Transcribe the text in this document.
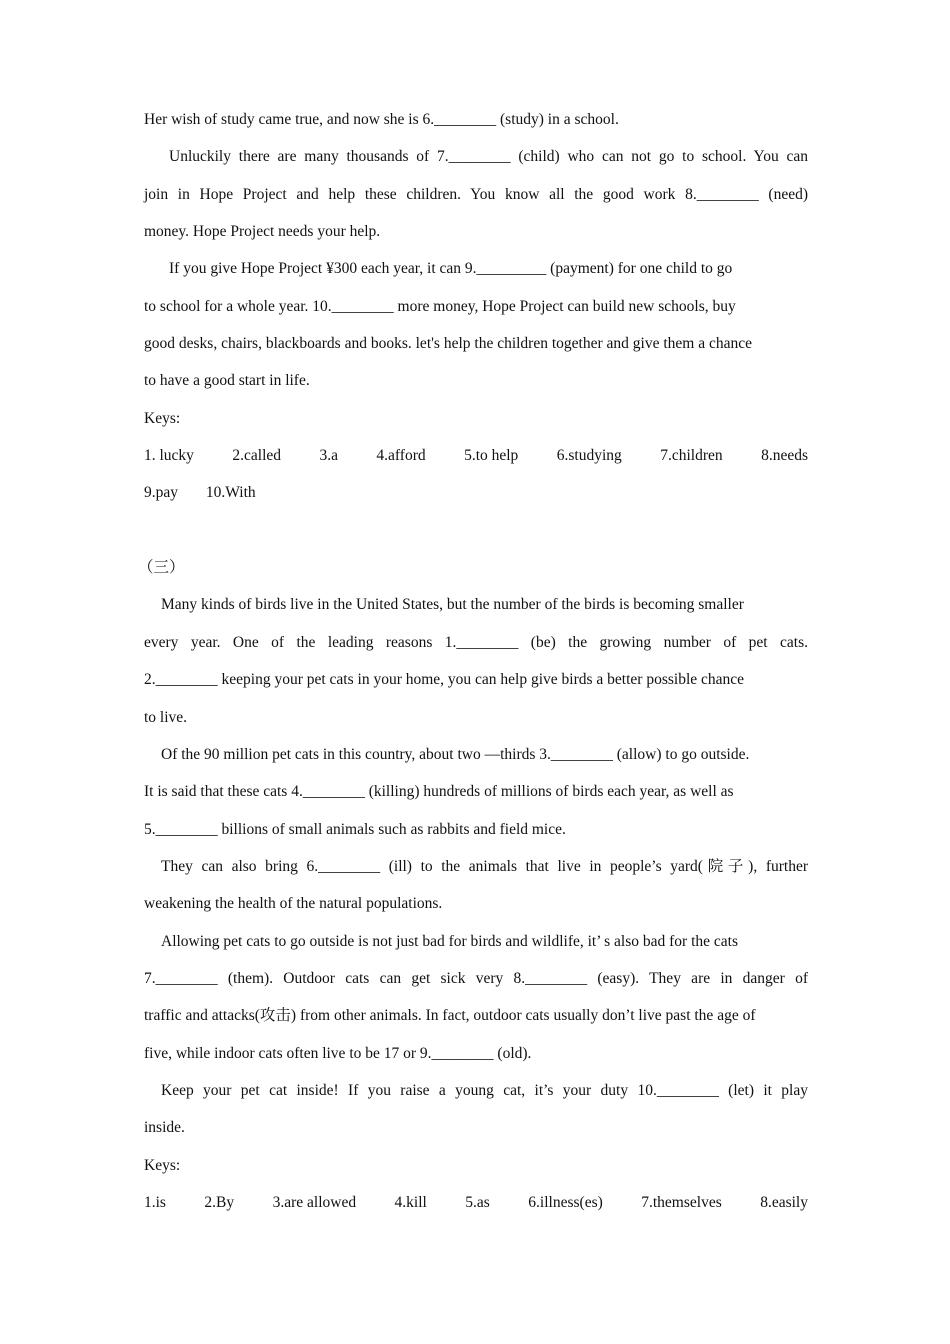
Her wish of study came true, and now she is 6.________ (study) in a school.
Unluckily there are many thousands of 7.________ (child) who can not go to school. You can
join in Hope Project and help these children. You know all the good work 8.________ (need)
money. Hope Project needs your help.
If you give Hope Project ¥300 each year, it can 9._________ (payment) for one child to go
to school for a whole year. 10.________ more money, Hope Project can build new schools, buy
good desks, chairs, blackboards and books. let's help the children together and give them a chance
to have a good start in life.
Keys:
1. lucky 2.called 3.a 4.afford 5.to help 6.studying 7.children 8.needs
9.pay 10.With
（三）
Many kinds of birds live in the United States, but the number of the birds is becoming smaller
every year. One of the leading reasons 1.________ (be) the growing number of pet cats.
2.________ keeping your pet cats in your home, you can help give birds a better possible chance
to live.
Of the 90 million pet cats in this country, about two —thirds 3.________ (allow) to go outside.
It is said that these cats 4.________ (killing) hundreds of millions of birds each year, as well as
5.________ billions of small animals such as rabbits and field mice.
They can also bring 6.________ (ill) to the animals that live in people’s yard(院子), further
weakening the health of the natural populations.
Allowing pet cats to go outside is not just bad for birds and wildlife, it’ s also bad for the cats
7.________ (them). Outdoor cats can get sick very 8.________ (easy). They are in danger of
traffic and attacks(攻击) from other animals. In fact, outdoor cats usually don’t live past the age of
five, while indoor cats often live to be 17 or 9.________ (old).
Keep your pet cat inside! If you raise a young cat, it’s your duty 10.________ (let) it play
inside.
Keys:
1.is 2.By 3.are allowed 4.kill 5.as 6.illness(es) 7.themselves 8.easily
